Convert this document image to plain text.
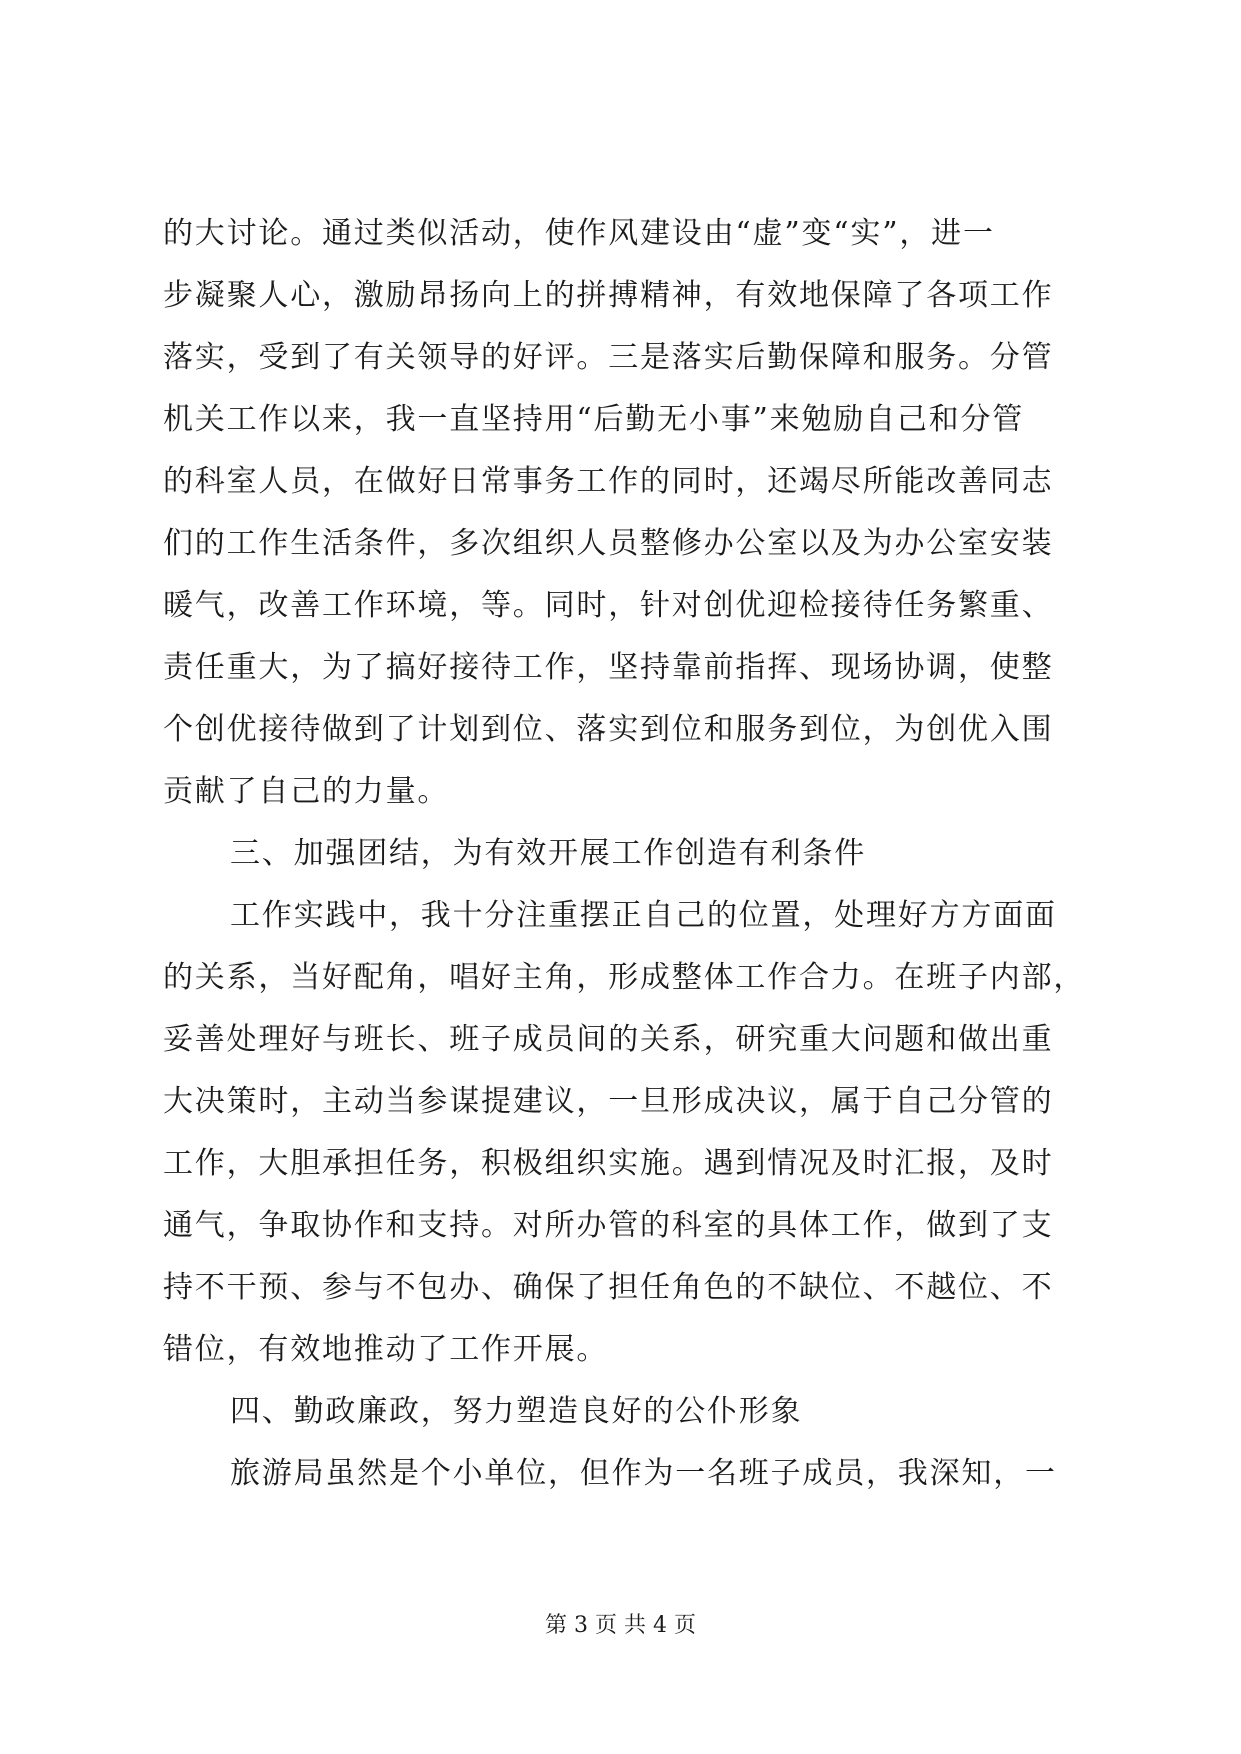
的大讨论。通过类似活动，使作风建设由“虚”变“实”，进一
步凝聚人心，激励昂扬向上的拼搏精神，有效地保障了各项工作
落实，受到了有关领导的好评。三是落实后勤保障和服务。分管
机关工作以来，我一直坚持用“后勤无小事”来勉励自己和分管
的科室人员，在做好日常事务工作的同时，还竭尽所能改善同志
们的工作生活条件，多次组织人员整修办公室以及为办公室安装
暖气，改善工作环境，等。同时，针对创优迎检接待任务繁重、
责任重大，为了搞好接待工作，坚持靠前指挥、现场协调，使整
个创优接待做到了计划到位、落实到位和服务到位，为创优入围
贡献了自己的力量。
三、加强团结，为有效开展工作创造有利条件
工作实践中，我十分注重摆正自己的位置，处理好方方面面
的关系，当好配角，唱好主角，形成整体工作合力。在班子内部，
妥善处理好与班长、班子成员间的关系，研究重大问题和做出重
大决策时，主动当参谋提建议，一旦形成决议，属于自己分管的
工作，大胆承担任务，积极组织实施。遇到情况及时汇报，及时
通气，争取协作和支持。对所办管的科室的具体工作，做到了支
持不干预、参与不包办、确保了担任角色的不缺位、不越位、不
错位，有效地推动了工作开展。
四、勤政廉政，努力塑造良好的公仆形象
旅游局虽然是个小单位，但作为一名班子成员，我深知，一
第 3 页 共 4 页
